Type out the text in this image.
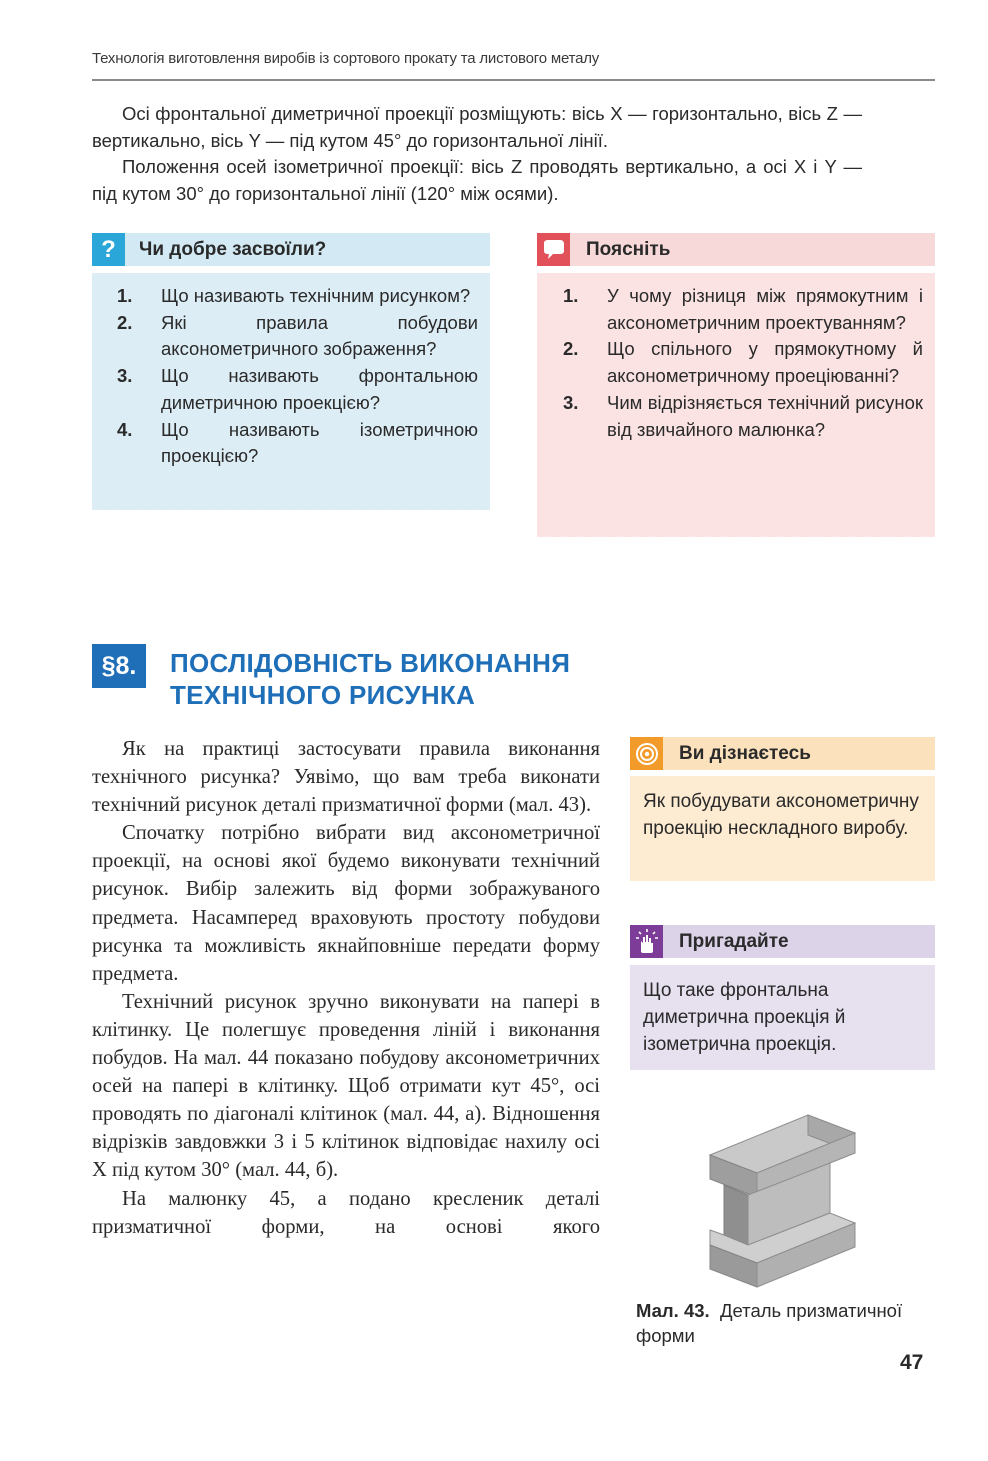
Технологія виготовлення виробів із сортового прокату та листового металу

Осі фронтальної диметричної проекції розміщують: вісь X — горизонтально, вісь Z — вертикально, вісь Y — під кутом 45° до горизонтальної лінії.

Положення осей ізометричної проекції: вісь Z проводять вертикально, а осі X і Y — під кутом 30° до горизонтальної лінії (120° між осями).

?	Чи добре засвоїли?
1.	Що називають технічним рисунком?
2.	Які правила побудови аксонометричного зображення?
3.	Що називають фронтальною диметричною проекцією?
4.	Що називають ізометричною проекцією?
Поясніть
1.	У чому різниця між прямокутним і аксонометричним проектуванням?
2.	Що спільного у прямокутному й аксонометричному проеціюванні?
3.	Чим відрізняється технічний рисунок від звичайного малюнка?
§8.	ПОСЛІДОВНІСТЬ ВИКОНАННЯ
ТЕХНІЧНОГО РИСУНКА

Як на практиці застосувати правила виконання технічного рисунка? Уявімо, що вам треба виконати технічний рисунок деталі призматичної форми (мал. 43).

Спочатку потрібно вибрати вид аксонометричної проекції, на основі якої будемо виконувати технічний рисунок. Вибір залежить від форми зображуваного предмета. Насамперед враховують простоту побудови рисунка та можливість якнайповніше передати форму предмета.

Технічний рисунок зручно виконувати на папері в клітинку. Це полегшує проведення ліній і виконання побудов. На мал. 44 показано побудову аксонометричних осей на папері в клітинку. Щоб отримати кут 45°, осі проводять по діагоналі клітинок (мал. 44, а). Відношення відрізків завдовжки 3 і 5 клітинок відповідає нахилу осі X під кутом 30° (мал. 44, б).

На малюнку 45, а подано кресленик деталі призматичної форми, на основі якого

Ви дізнаєтесь
Як побудувати аксонометричну проекцію нескладного виробу.
Пригадайте
Що таке фронтальна диметрична проекція й ізометрична проекція.
Мал. 43. Деталь призматичної форми
47
